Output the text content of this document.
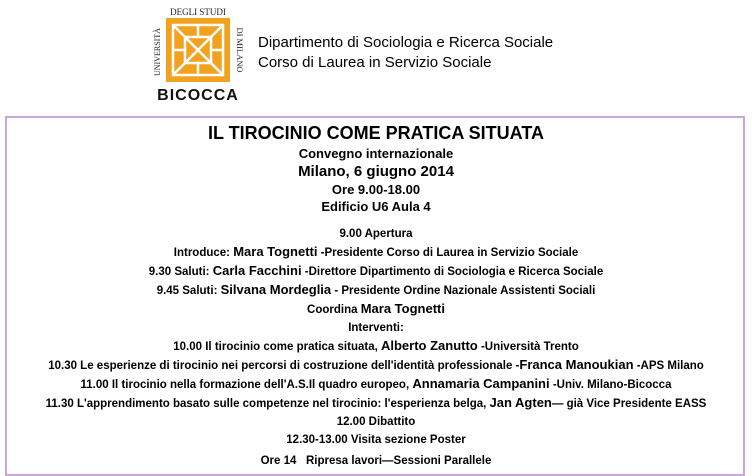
DEGLI STUDI
UNIVERSITÀ	DI MILANO
BICOCCA
Dipartimento di Sociologia e Ricerca Sociale
Corso di Laurea in Servizio Sociale
IL TIROCINIO COME PRATICA SITUATA
Convegno internazionale
Milano, 6 giugno 2014
Ore 9.00-18.00
Edificio U6 Aula 4
9.00 Apertura
Introduce: Mara Tognetti -Presidente Corso di Laurea in Servizio Sociale
9.30 Saluti: Carla Facchini -Direttore Dipartimento di Sociologia e Ricerca Sociale
9.45 Saluti: Silvana Mordeglia - Presidente Ordine Nazionale Assistenti Sociali
Coordina Mara Tognetti
Interventi:
10.00 Il tirocinio come pratica situata, Alberto Zanutto -Università Trento
10.30 Le esperienze di tirocinio nei percorsi di costruzione dell'identità professionale -Franca Manoukian -APS Milano
11.00 Il tirocinio nella formazione dell'A.S.Il quadro europeo, Annamaria Campanini -Univ. Milano-Bicocca
11.30 L'apprendimento basato sulle competenze nel tirocinio: l'esperienza belga, Jan Agten— già Vice Presidente EASS
12.00 Dibattito
12.30-13.00 Visita sezione Poster
Ore 14   Ripresa lavori—Sessioni Parallele
